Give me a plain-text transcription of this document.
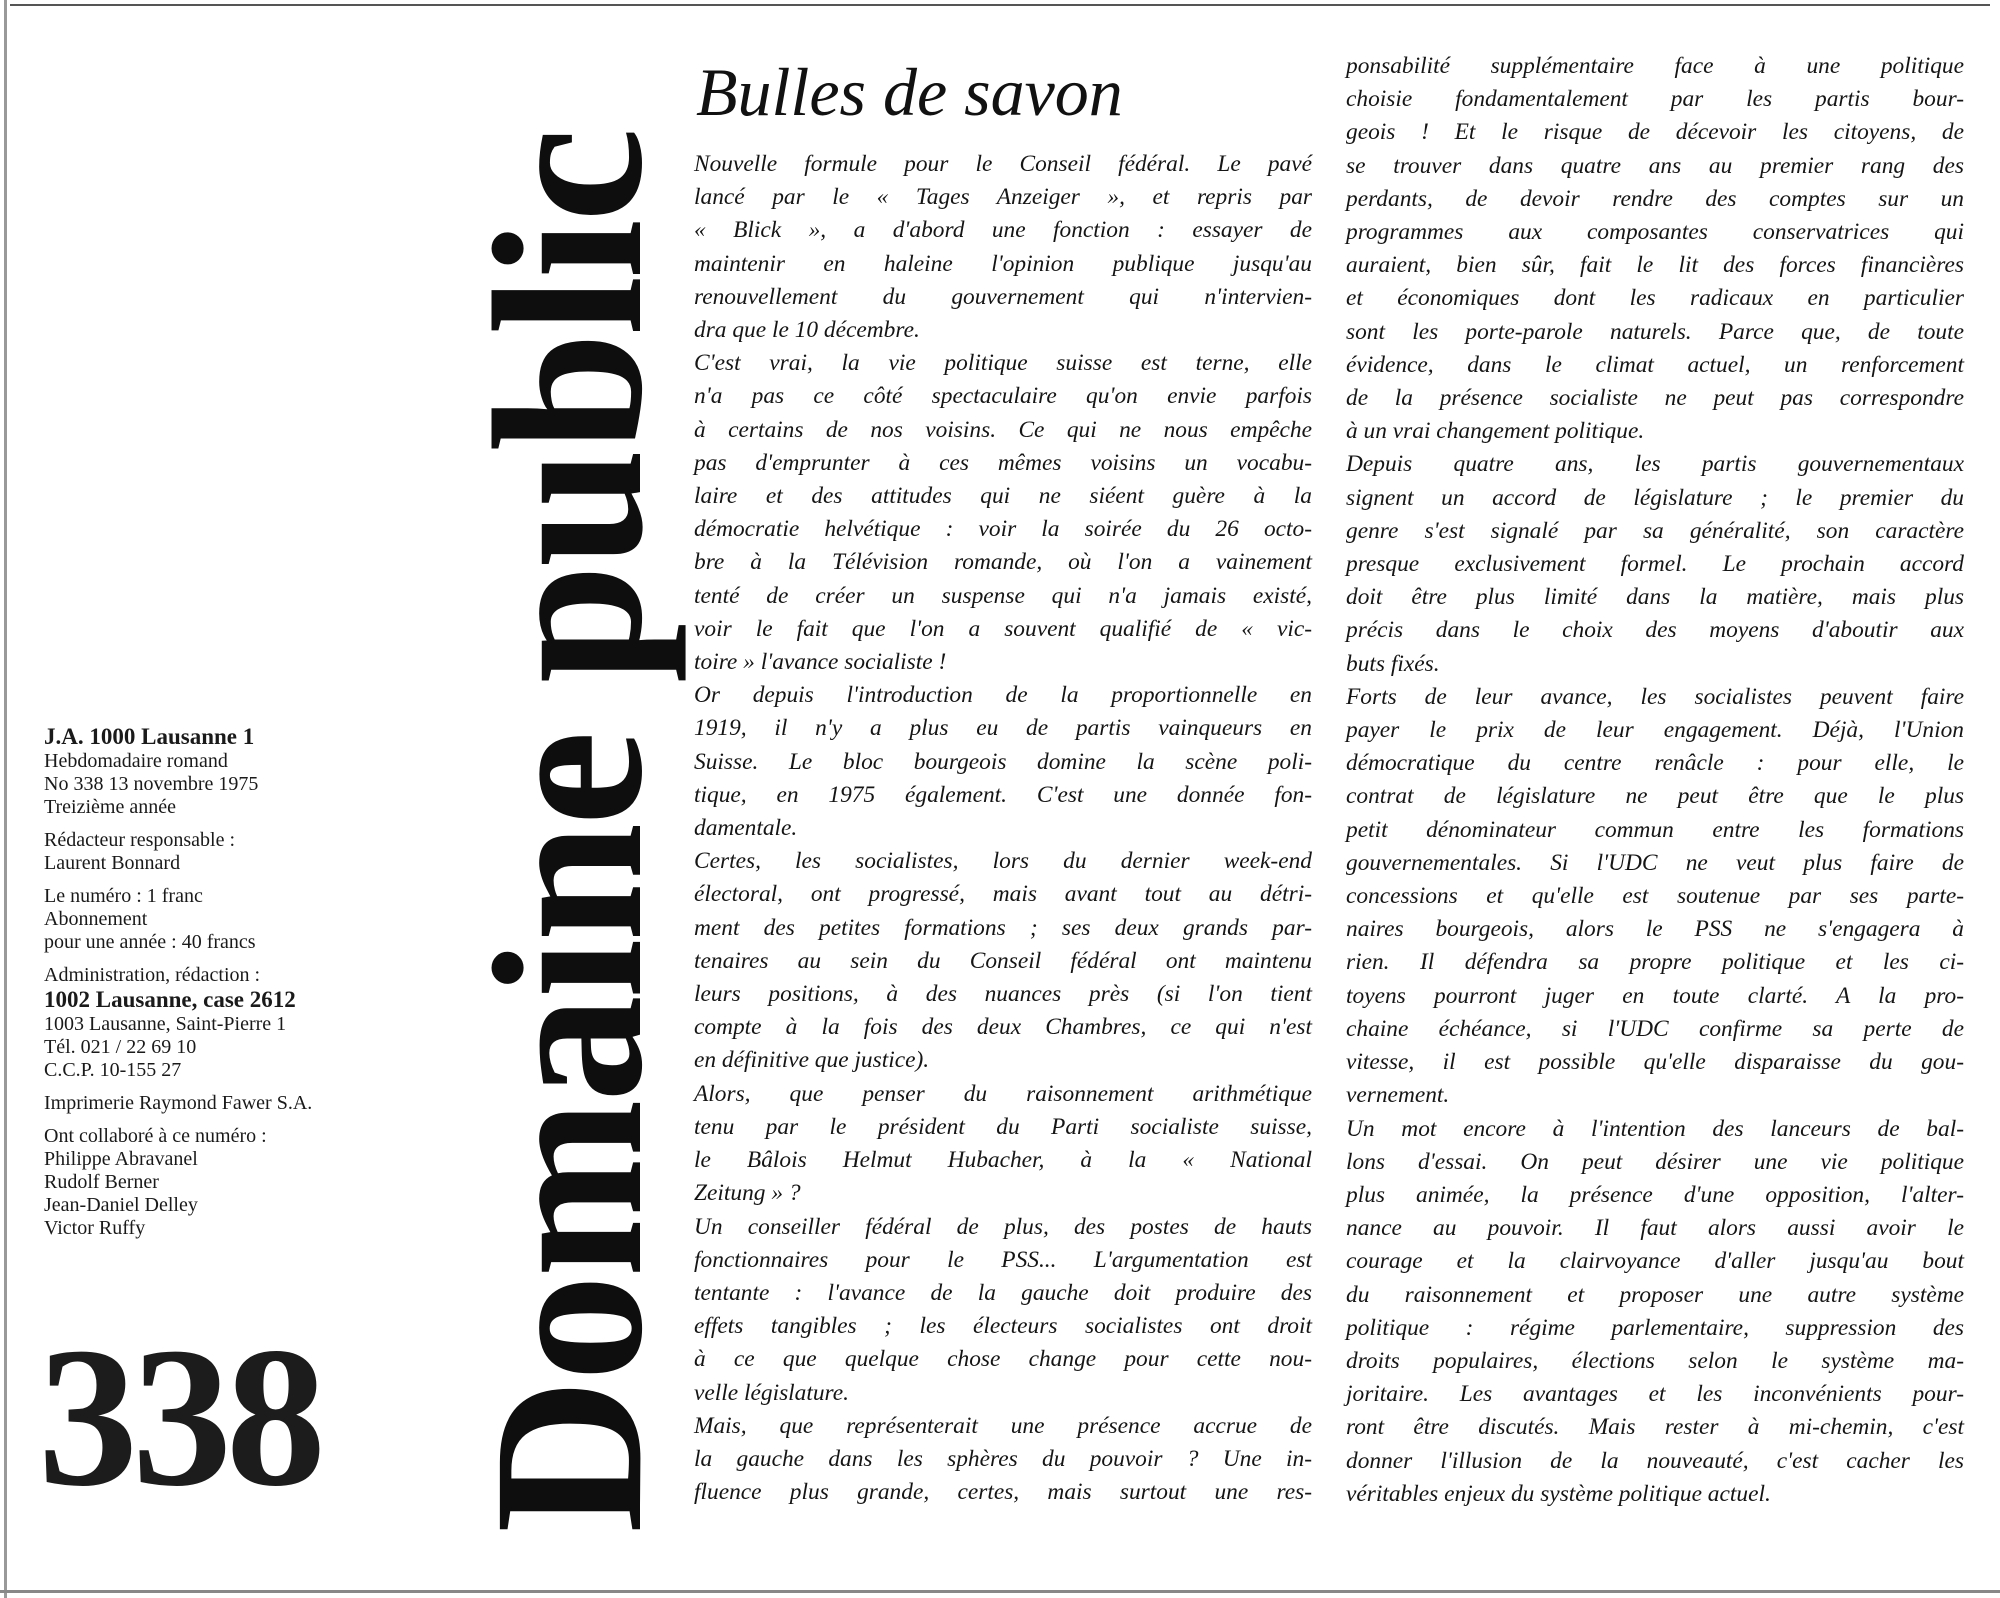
J.A. 1000 Lausanne 1
Hebdomadaire romand
No 338 13 novembre 1975
Treizième année
Rédacteur responsable :
Laurent Bonnard
Le numéro : 1 franc
Abonnement
pour une année : 40 francs
Administration, rédaction :
1002 Lausanne, case 2612
1003 Lausanne, Saint-Pierre 1
Tél. 021 / 22 69 10
C.C.P. 10-155 27
Imprimerie Raymond Fawer S.A.
Ont collaboré à ce numéro :
Philippe Abravanel
Rudolf Berner
Jean-Daniel Delley
Victor Ruffy
338 Domaine public
Bulles de savon
Nouvelle formule pour le Conseil fédéral. Le pavé
lancé par le « Tages Anzeiger », et repris par
« Blick », a d'abord une fonction : essayer de
maintenir en haleine l'opinion publique jusqu'au
renouvellement du gouvernement qui n'intervien-
dra que le 10 décembre.
C'est vrai, la vie politique suisse est terne, elle
n'a pas ce côté spectaculaire qu'on envie parfois
à certains de nos voisins. Ce qui ne nous empêche
pas d'emprunter à ces mêmes voisins un vocabu-
laire et des attitudes qui ne siéent guère à la
démocratie helvétique : voir la soirée du 26 octo-
bre à la Télévision romande, où l'on a vainement
tenté de créer un suspense qui n'a jamais existé,
voir le fait que l'on a souvent qualifié de « vic-
toire » l'avance socialiste !
Or depuis l'introduction de la proportionnelle en
1919, il n'y a plus eu de partis vainqueurs en
Suisse. Le bloc bourgeois domine la scène poli-
tique, en 1975 également. C'est une donnée fon-
damentale.
Certes, les socialistes, lors du dernier week-end
électoral, ont progressé, mais avant tout au détri-
ment des petites formations ; ses deux grands par-
tenaires au sein du Conseil fédéral ont maintenu
leurs positions, à des nuances près (si l'on tient
compte à la fois des deux Chambres, ce qui n'est
en définitive que justice).
Alors, que penser du raisonnement arithmétique
tenu par le président du Parti socialiste suisse,
le Bâlois Helmut Hubacher, à la « National
Zeitung » ?
Un conseiller fédéral de plus, des postes de hauts
fonctionnaires pour le PSS... L'argumentation est
tentante : l'avance de la gauche doit produire des
effets tangibles ; les électeurs socialistes ont droit
à ce que quelque chose change pour cette nou-
velle législature.
Mais, que représenterait une présence accrue de
la gauche dans les sphères du pouvoir ? Une in-
fluence plus grande, certes, mais surtout une res-
ponsabilité supplémentaire face à une politique
choisie fondamentalement par les partis bour-
geois ! Et le risque de décevoir les citoyens, de
se trouver dans quatre ans au premier rang des
perdants, de devoir rendre des comptes sur un
programmes aux composantes conservatrices qui
auraient, bien sûr, fait le lit des forces financières
et économiques dont les radicaux en particulier
sont les porte-parole naturels. Parce que, de toute
évidence, dans le climat actuel, un renforcement
de la présence socialiste ne peut pas correspondre
à un vrai changement politique.
Depuis quatre ans, les partis gouvernementaux
signent un accord de législature ; le premier du
genre s'est signalé par sa généralité, son caractère
presque exclusivement formel. Le prochain accord
doit être plus limité dans la matière, mais plus
précis dans le choix des moyens d'aboutir aux
buts fixés.
Forts de leur avance, les socialistes peuvent faire
payer le prix de leur engagement. Déjà, l'Union
démocratique du centre renâcle : pour elle, le
contrat de législature ne peut être que le plus
petit dénominateur commun entre les formations
gouvernementales. Si l'UDC ne veut plus faire de
concessions et qu'elle est soutenue par ses parte-
naires bourgeois, alors le PSS ne s'engagera à
rien. Il défendra sa propre politique et les ci-
toyens pourront juger en toute clarté. A la pro-
chaine échéance, si l'UDC confirme sa perte de
vitesse, il est possible qu'elle disparaisse du gou-
vernement.
Un mot encore à l'intention des lanceurs de bal-
lons d'essai. On peut désirer une vie politique
plus animée, la présence d'une opposition, l'alter-
nance au pouvoir. Il faut alors aussi avoir le
courage et la clairvoyance d'aller jusqu'au bout
du raisonnement et proposer une autre système
politique : régime parlementaire, suppression des
droits populaires, élections selon le système ma-
joritaire. Les avantages et les inconvénients pour-
ront être discutés. Mais rester à mi-chemin, c'est
donner l'illusion de la nouveauté, c'est cacher les
véritables enjeux du système politique actuel.
